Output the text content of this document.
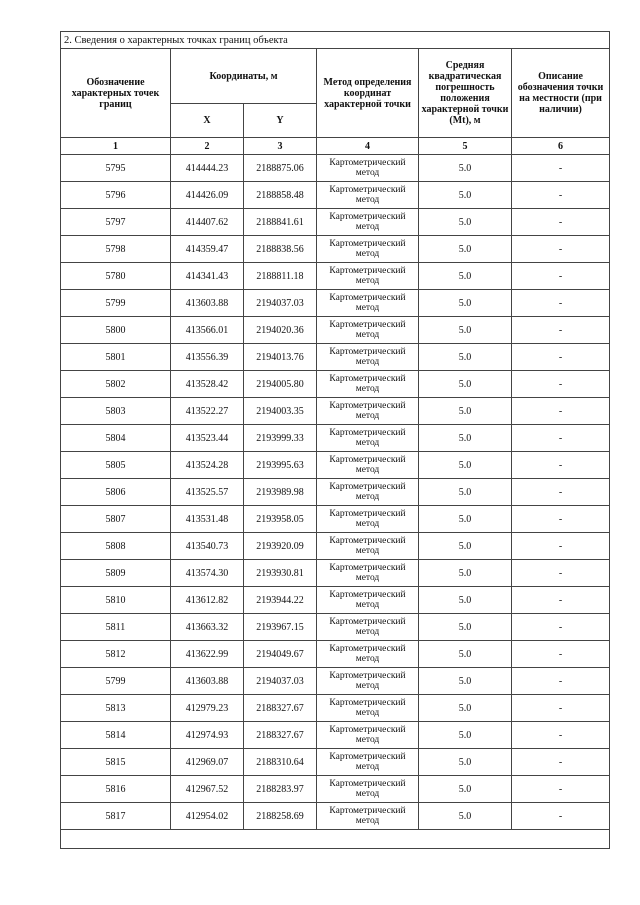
2. Сведения о характерных точках границ объекта					
Обозначение характерных точек границ	Координаты, м		Метод определения координат характерной точки	Средняя квадратическая погрешность положения характерной точки (Mt), м	Описание обозначения точки на местности (при наличии)
	X	Y			
1	2	3	4	5	6
5795	414444.23	2188875.06	Картометрический метод	5.0	-
5796	414426.09	2188858.48	Картометрический метод	5.0	-
5797	414407.62	2188841.61	Картометрический метод	5.0	-
5798	414359.47	2188838.56	Картометрический метод	5.0	-
5780	414341.43	2188811.18	Картометрический метод	5.0	-
5799	413603.88	2194037.03	Картометрический метод	5.0	-
5800	413566.01	2194020.36	Картометрический метод	5.0	-
5801	413556.39	2194013.76	Картометрический метод	5.0	-
5802	413528.42	2194005.80	Картометрический метод	5.0	-
5803	413522.27	2194003.35	Картометрический метод	5.0	-
5804	413523.44	2193999.33	Картометрический метод	5.0	-
5805	413524.28	2193995.63	Картометрический метод	5.0	-
5806	413525.57	2193989.98	Картометрический метод	5.0	-
5807	413531.48	2193958.05	Картометрический метод	5.0	-
5808	413540.73	2193920.09	Картометрический метод	5.0	-
5809	413574.30	2193930.81	Картометрический метод	5.0	-
5810	413612.82	2193944.22	Картометрический метод	5.0	-
5811	413663.32	2193967.15	Картометрический метод	5.0	-
5812	413622.99	2194049.67	Картометрический метод	5.0	-
5799	413603.88	2194037.03	Картометрический метод	5.0	-
5813	412979.23	2188327.67	Картометрический метод	5.0	-
5814	412974.93	2188327.67	Картометрический метод	5.0	-
5815	412969.07	2188310.64	Картометрический метод	5.0	-
5816	412967.52	2188283.97	Картометрический метод	5.0	-
5817	412954.02	2188258.69	Картометрический метод	5.0	-
